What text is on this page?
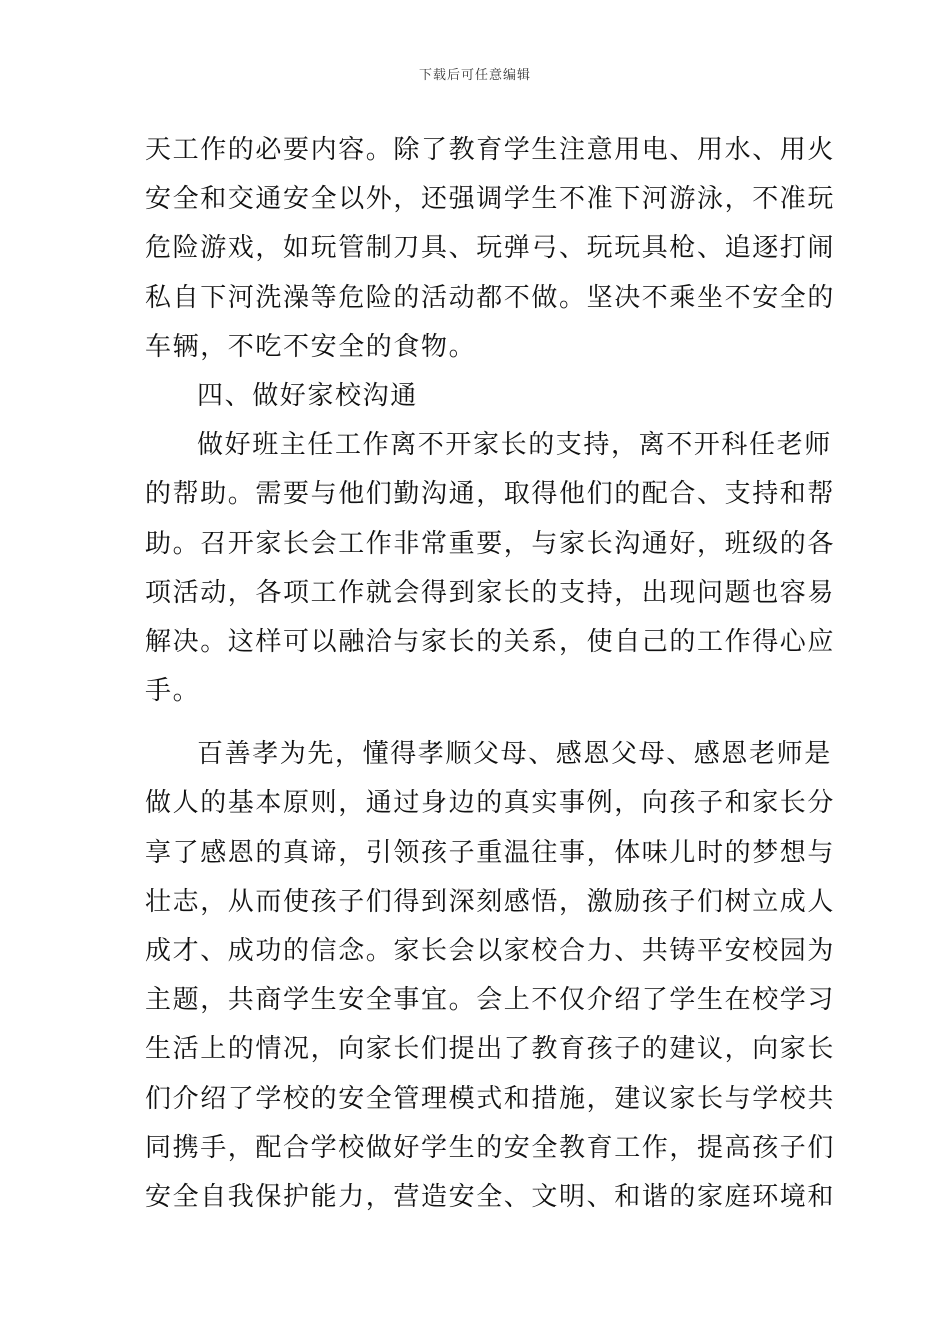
下载后可任意编辑
天工作的必要内容。除了教育学生注意用电、用水、用火
安全和交通安全以外，还强调学生不准下河游泳，不准玩
危险游戏，如玩管制刀具、玩弹弓、玩玩具枪、追逐打闹
私自下河洗澡等危险的活动都不做。坚决不乘坐不安全的
车辆，不吃不安全的食物。
四、做好家校沟通
做好班主任工作离不开家长的支持，离不开科任老师
的帮助。需要与他们勤沟通，取得他们的配合、支持和帮
助。召开家长会工作非常重要，与家长沟通好，班级的各
项活动，各项工作就会得到家长的支持，出现问题也容易
解决。这样可以融洽与家长的关系，使自己的工作得心应
手。
百善孝为先，懂得孝顺父母、感恩父母、感恩老师是
做人的基本原则，通过身边的真实事例，向孩子和家长分
享了感恩的真谛，引领孩子重温往事，体味儿时的梦想与
壮志，从而使孩子们得到深刻感悟，激励孩子们树立成人
成才、成功的信念。家长会以家校合力、共铸平安校园为
主题，共商学生安全事宜。会上不仅介绍了学生在校学习
生活上的情况，向家长们提出了教育孩子的建议，向家长
们介绍了学校的安全管理模式和措施，建议家长与学校共
同携手，配合学校做好学生的安全教育工作，提高孩子们
安全自我保护能力，营造安全、文明、和谐的家庭环境和
